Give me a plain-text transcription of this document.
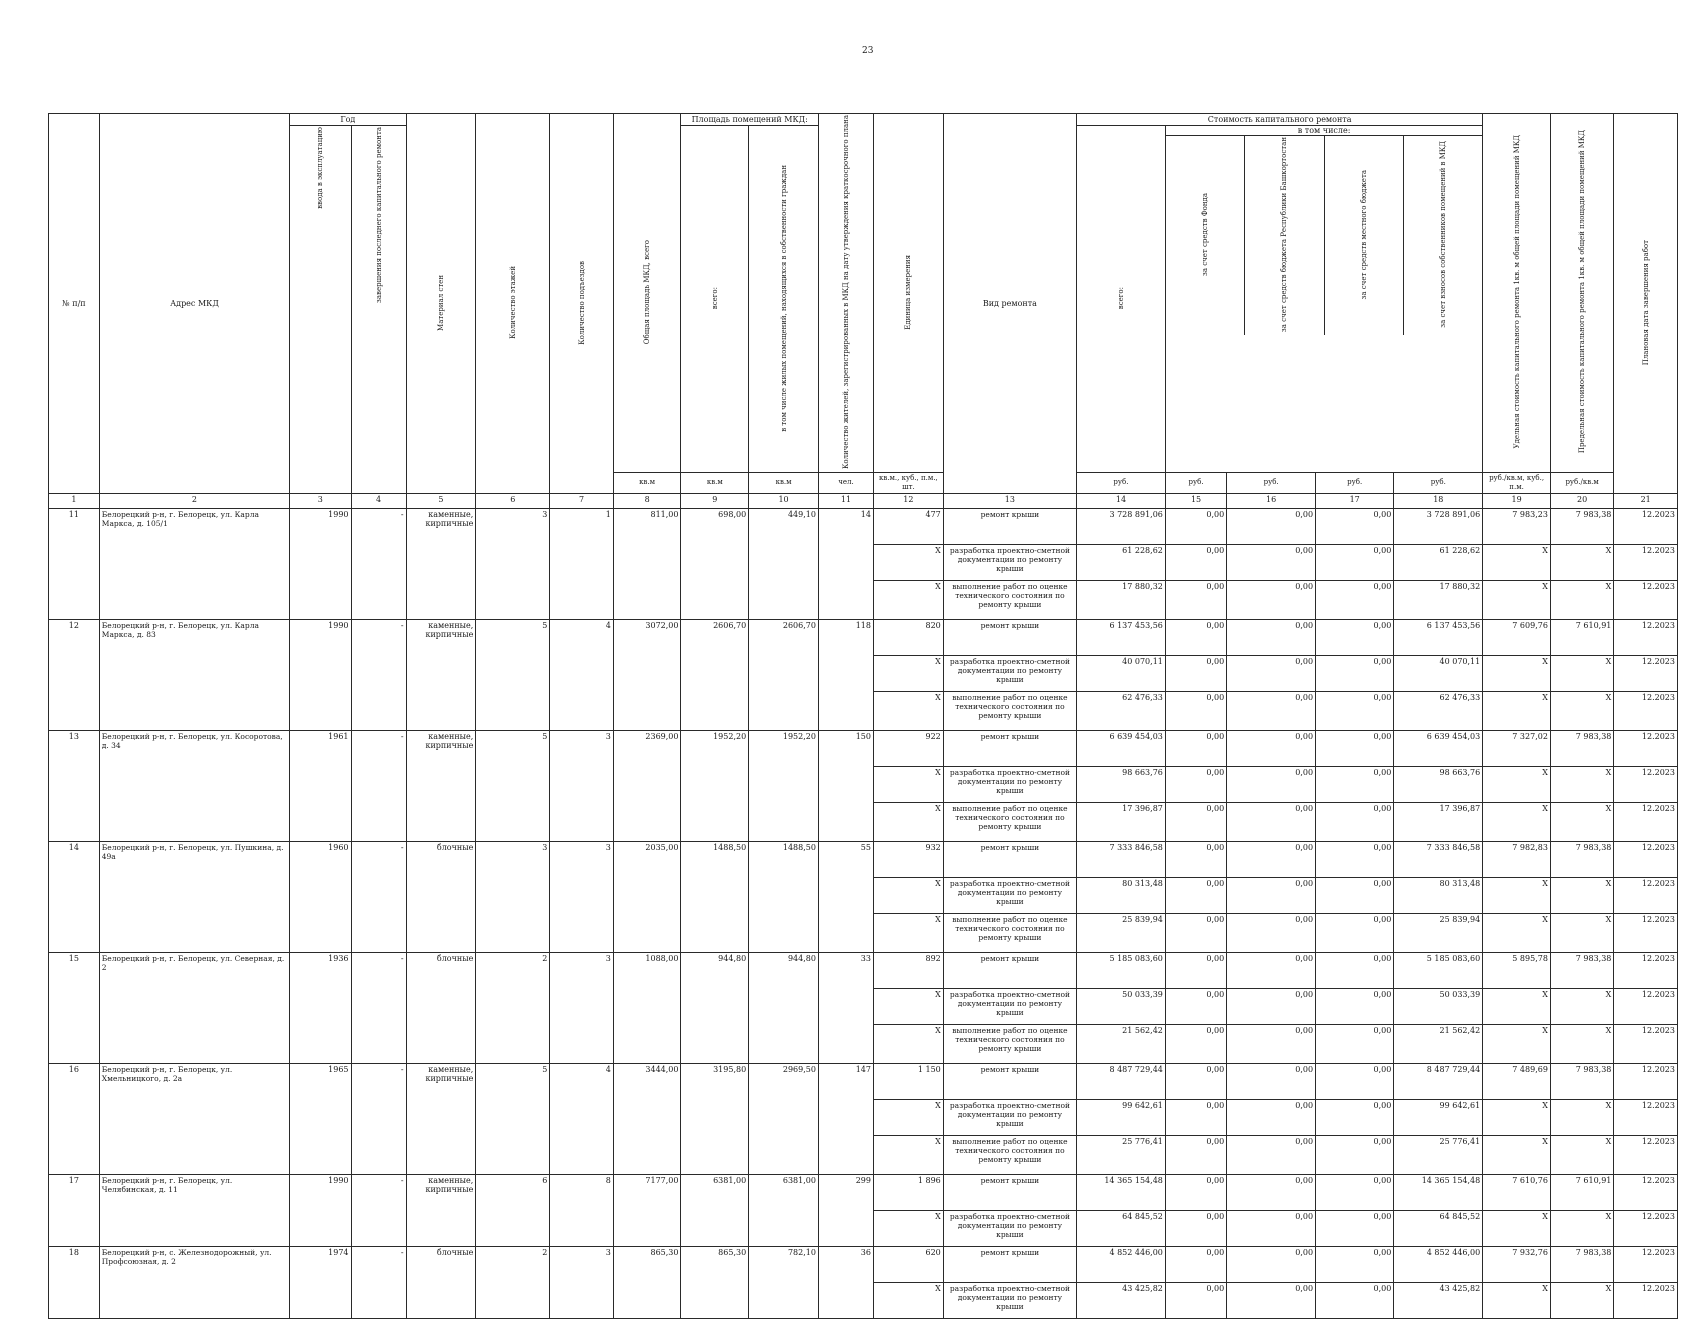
23
№ п/п	Адрес МКД	Год	Материал стен	Количество этажей	Количество подъездов	Общая площадь МКД, всего	Площадь помещений МКД:	Количество жителей, зарегистрированных в МКД на дату утверждения краткосрочного плана	Единица измерения	Вид ремонта	Стоимость капитального ремонта	Удельная стоимость капитального ремонта 1кв. м общей площади помещений МКД	Предельная стоимость капитального ремонта 1кв. м общей площади помещений МКД	Плановая дата завершения работ
ввода в эксплуатацию	завершения последнего капитального ремонта	всего:	в том числе жилых помещений, находящихся в собственности граждан	всего:	
в том числе:
за счет средств Фонда	за счет средств бюджета Республики Башкортостан	за счет средств местного бюджета	за счет взносов собственников помещений в МКД

кв.м	кв.м	кв.м	чел.	кв.м., куб., п.м., шт.	руб.	руб.	руб.	руб.	руб.	руб./кв.м, куб., п.м.	руб./кв.м
1	2	3	4	5	6	7	8	9	10	11	12	13	14	15	16	17	18	19	20	21
11	Белорецкий р-н, г. Белорецк, ул. Карла Маркса, д. 105/1	1990	-	каменные, кирпичные	3	1	811,00	698,00	449,10	14	477	ремонт крыши	3 728 891,06	0,00	0,00	0,00	3 728 891,06	7 983,23	7 983,38	12.2023
X	разработка проектно-сметной документации по ремонту крыши	61 228,62	0,00	0,00	0,00	61 228,62	X	X	12.2023
X	выполнение работ по оценке технического состояния по ремонту крыши	17 880,32	0,00	0,00	0,00	17 880,32	X	X	12.2023
12	Белорецкий р-н, г. Белорецк, ул. Карла Маркса, д. 83	1990	-	каменные, кирпичные	5	4	3072,00	2606,70	2606,70	118	820	ремонт крыши	6 137 453,56	0,00	0,00	0,00	6 137 453,56	7 609,76	7 610,91	12.2023
X	разработка проектно-сметной документации по ремонту крыши	40 070,11	0,00	0,00	0,00	40 070,11	X	X	12.2023
X	выполнение работ по оценке технического состояния по ремонту крыши	62 476,33	0,00	0,00	0,00	62 476,33	X	X	12.2023
13	Белорецкий р-н, г. Белорецк, ул. Косоротова, д. 34	1961	-	каменные, кирпичные	5	3	2369,00	1952,20	1952,20	150	922	ремонт крыши	6 639 454,03	0,00	0,00	0,00	6 639 454,03	7 327,02	7 983,38	12.2023
X	разработка проектно-сметной документации по ремонту крыши	98 663,76	0,00	0,00	0,00	98 663,76	X	X	12.2023
X	выполнение работ по оценке технического состояния по ремонту крыши	17 396,87	0,00	0,00	0,00	17 396,87	X	X	12.2023
14	Белорецкий р-н, г. Белорецк, ул. Пушкина, д. 49а	1960	-	блочные	3	3	2035,00	1488,50	1488,50	55	932	ремонт крыши	7 333 846,58	0,00	0,00	0,00	7 333 846,58	7 982,83	7 983,38	12.2023
X	разработка проектно-сметной документации по ремонту крыши	80 313,48	0,00	0,00	0,00	80 313,48	X	X	12.2023
X	выполнение работ по оценке технического состояния по ремонту крыши	25 839,94	0,00	0,00	0,00	25 839,94	X	X	12.2023
15	Белорецкий р-н, г. Белорецк, ул. Северная, д. 2	1936	-	блочные	2	3	1088,00	944,80	944,80	33	892	ремонт крыши	5 185 083,60	0,00	0,00	0,00	5 185 083,60	5 895,78	7 983,38	12.2023
X	разработка проектно-сметной документации по ремонту крыши	50 033,39	0,00	0,00	0,00	50 033,39	X	X	12.2023
X	выполнение работ по оценке технического состояния по ремонту крыши	21 562,42	0,00	0,00	0,00	21 562,42	X	X	12.2023
16	Белорецкий р-н, г. Белорецк, ул. Хмельницкого, д. 2а	1965	-	каменные, кирпичные	5	4	3444,00	3195,80	2969,50	147	1 150	ремонт крыши	8 487 729,44	0,00	0,00	0,00	8 487 729,44	7 489,69	7 983,38	12.2023
X	разработка проектно-сметной документации по ремонту крыши	99 642,61	0,00	0,00	0,00	99 642,61	X	X	12.2023
X	выполнение работ по оценке технического состояния по ремонту крыши	25 776,41	0,00	0,00	0,00	25 776,41	X	X	12.2023
17	Белорецкий р-н, г. Белорецк, ул. Челябинская, д. 11	1990	-	каменные, кирпичные	6	8	7177,00	6381,00	6381,00	299	1 896	ремонт крыши	14 365 154,48	0,00	0,00	0,00	14 365 154,48	7 610,76	7 610,91	12.2023
X	разработка проектно-сметной документации по ремонту крыши	64 845,52	0,00	0,00	0,00	64 845,52	X	X	12.2023
18	Белорецкий р-н, с. Железнодорожный, ул. Профсоюзная, д. 2	1974	-	блочные	2	3	865,30	865,30	782,10	36	620	ремонт крыши	4 852 446,00	0,00	0,00	0,00	4 852 446,00	7 932,76	7 983,38	12.2023
X	разработка проектно-сметной документации по ремонту крыши	43 425,82	0,00	0,00	0,00	43 425,82	X	X	12.2023
